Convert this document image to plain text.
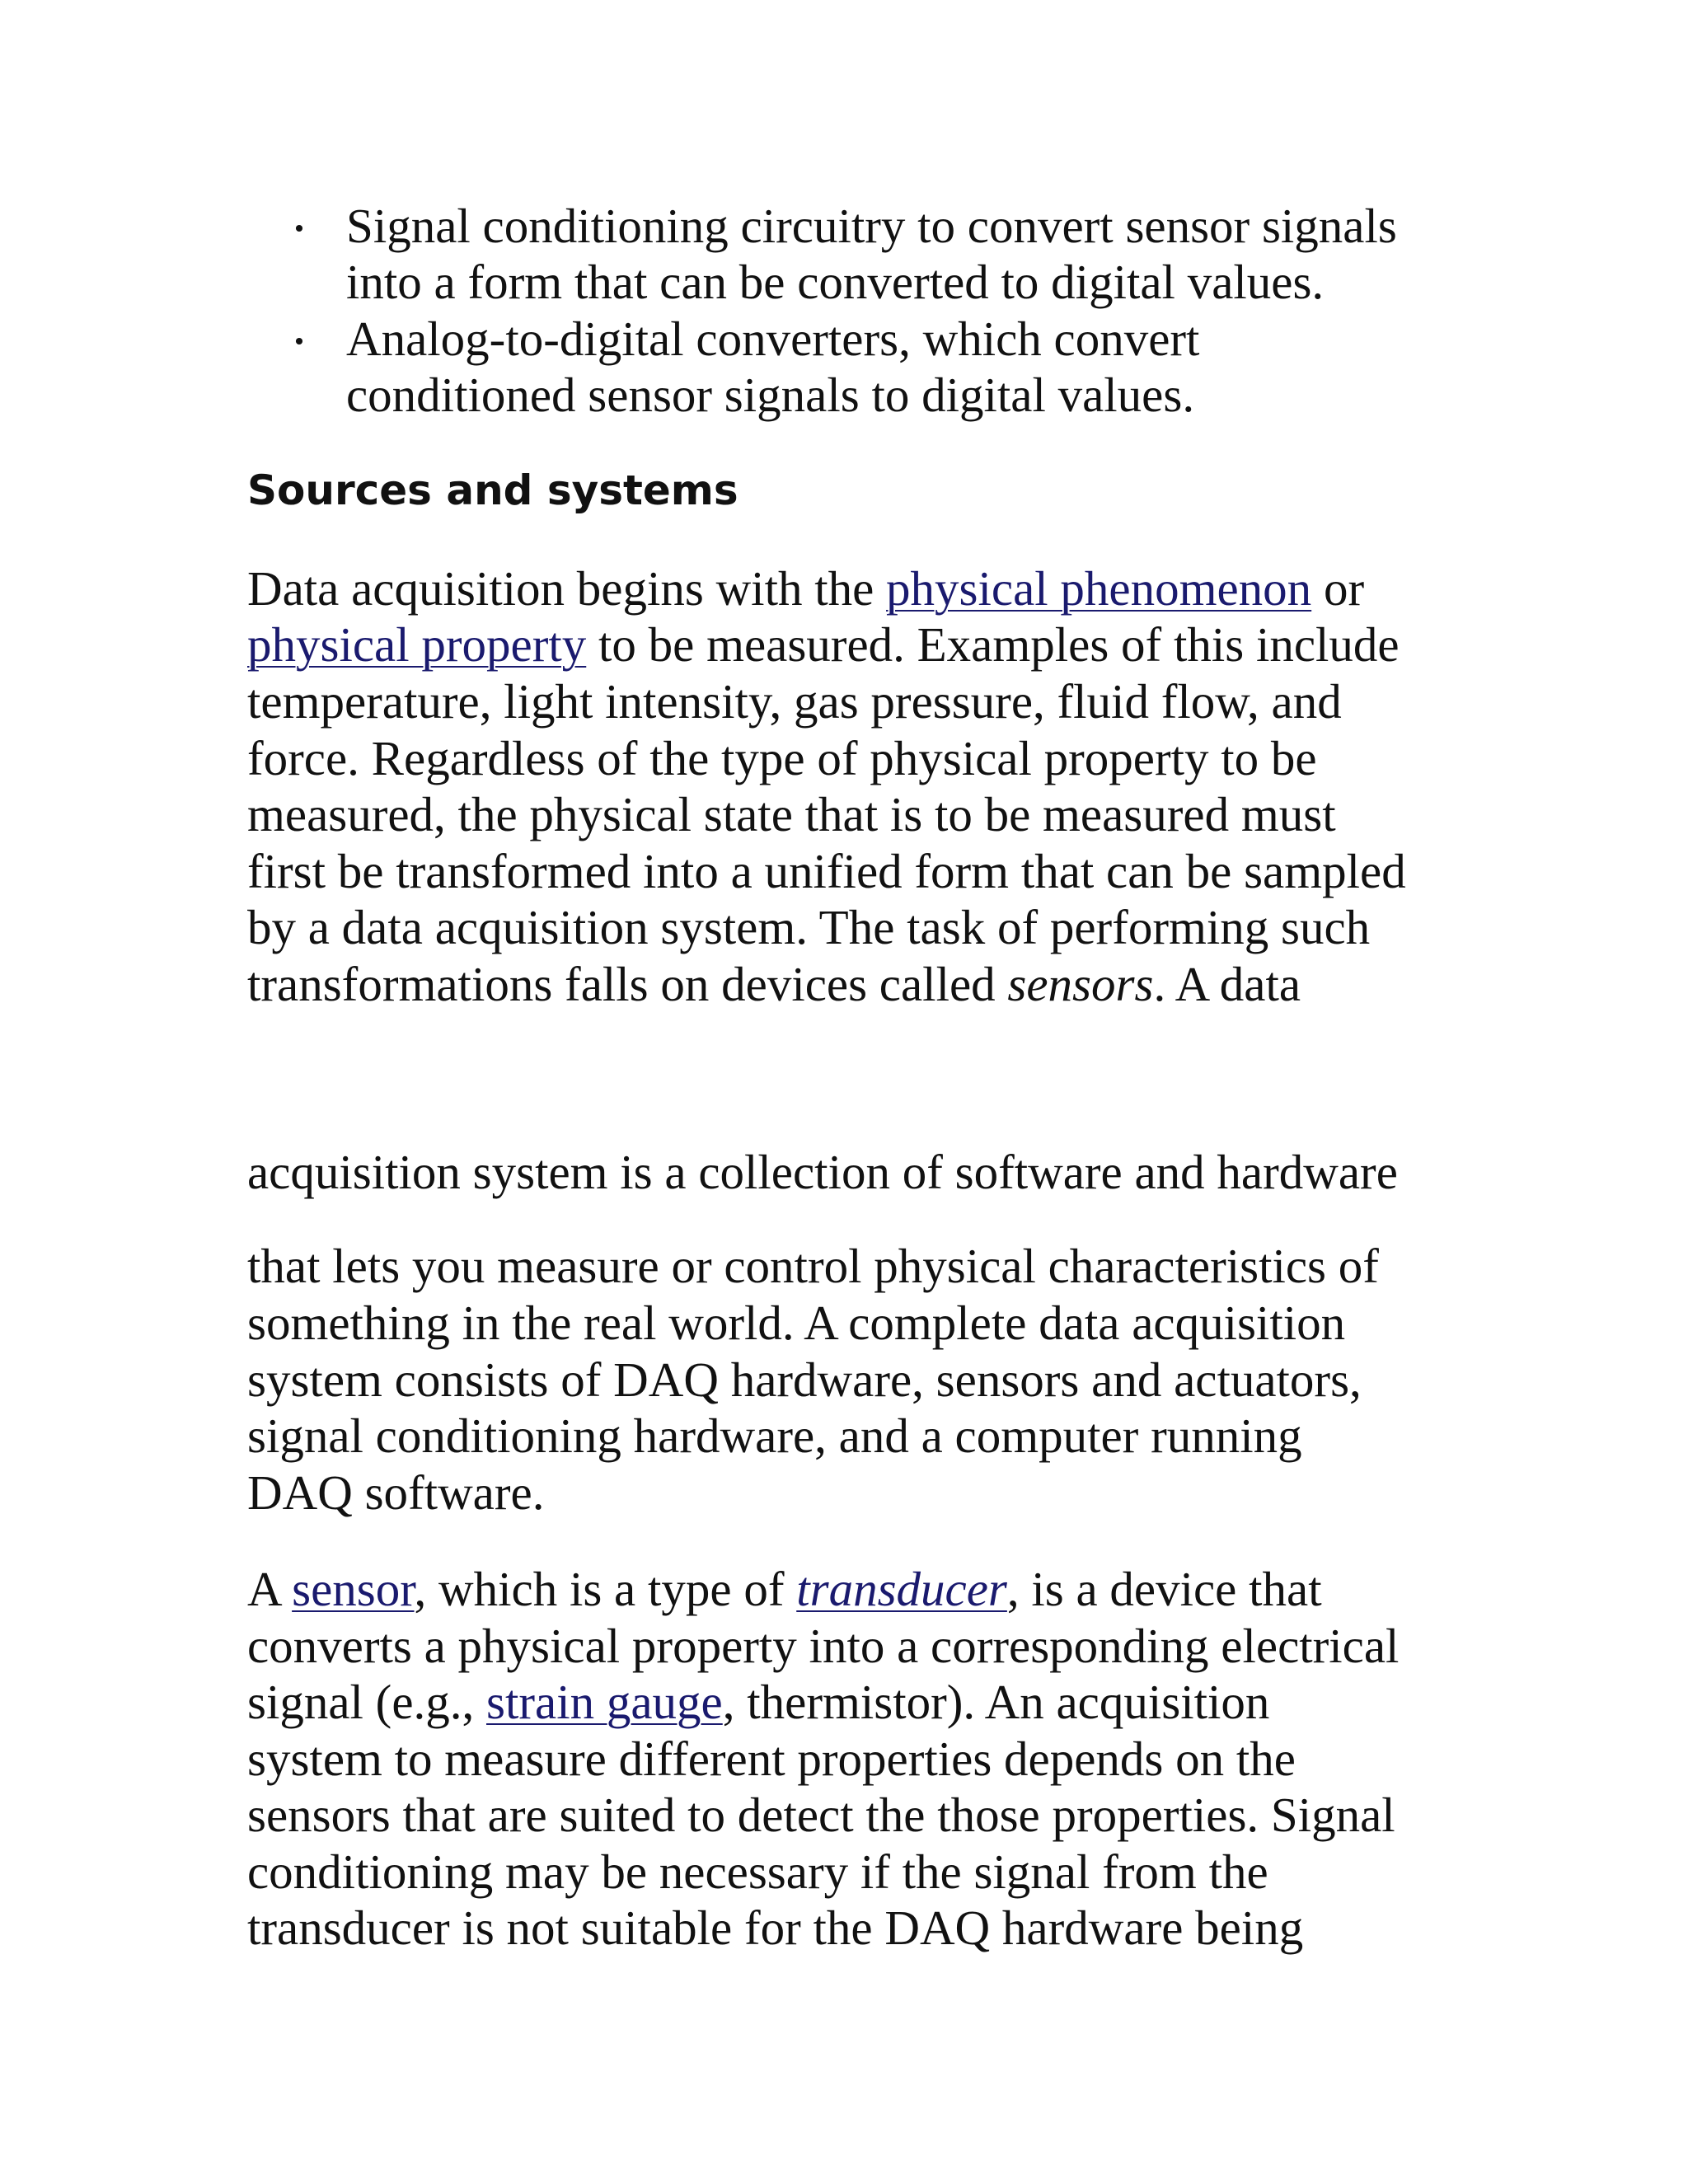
Signal conditioning circuitry to convert sensor signals

into a form that can be converted to digital values.

Analog-to-digital converters, which convert

conditioned sensor signals to digital values.

Sources and systems

Data acquisition begins with the physical phenomenon or

physical property to be measured. Examples of this include

temperature, light intensity, gas pressure, fluid flow, and

force. Regardless of the type of physical property to be

measured, the physical state that is to be measured must

first be transformed into a unified form that can be sampled

by a data acquisition system. The task of performing such

transformations falls on devices called sensors. A data

acquisition system is a collection of software and hardware

that lets you measure or control physical characteristics of

something in the real world. A complete data acquisition

system consists of DAQ hardware, sensors and actuators,

signal conditioning hardware, and a computer running

DAQ software.

A sensor, which is a type of transducer, is a device that

converts a physical property into a corresponding electrical

signal (e.g., strain gauge, thermistor). An acquisition

system to measure different properties depends on the

sensors that are suited to detect the those properties. Signal

conditioning may be necessary if the signal from the

transducer is not suitable for the DAQ hardware being
